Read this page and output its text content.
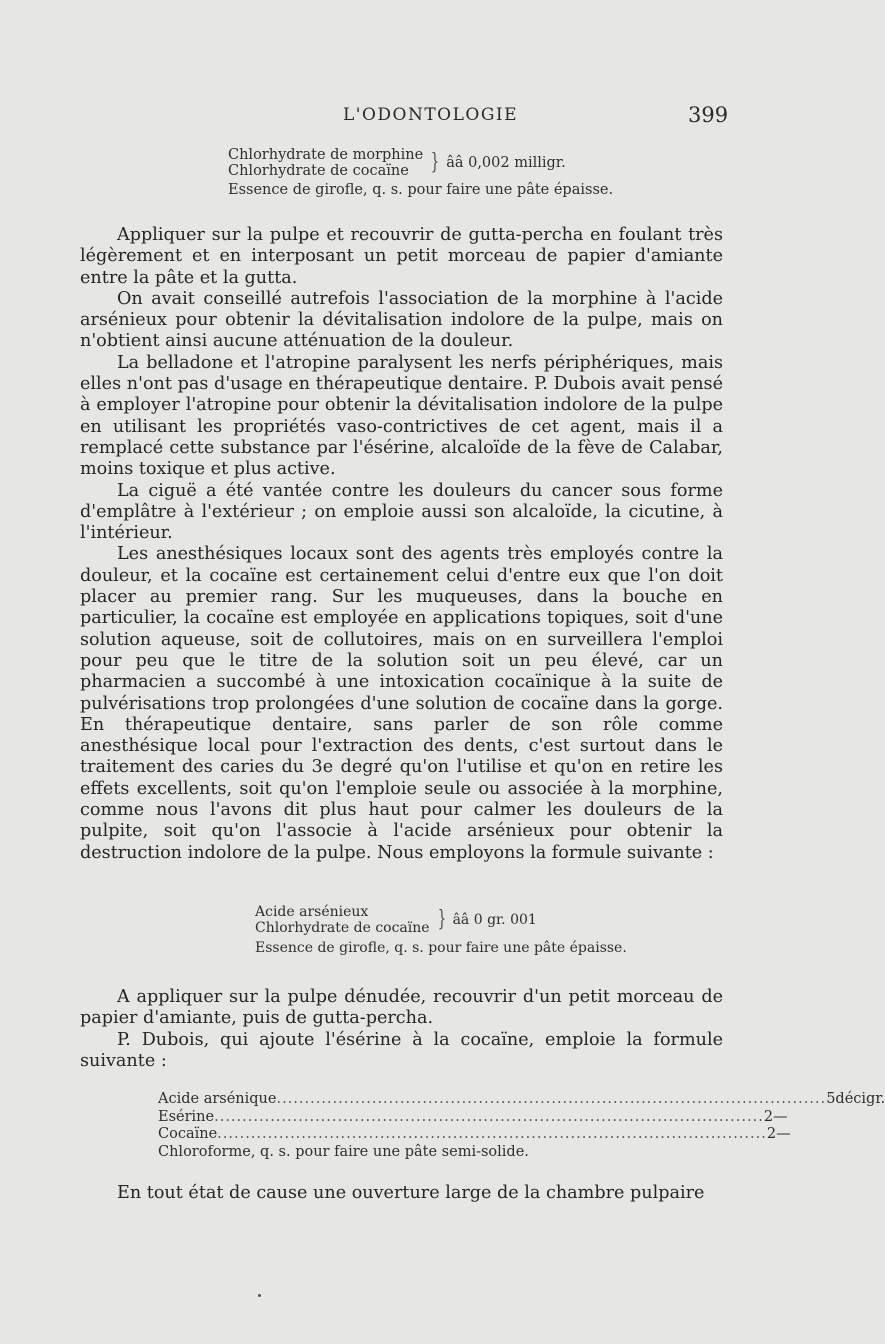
L'ODONTOLOGIE	399
Chlorhydrate de morphine
Chlorhydrate de cocaïne	} ââ 0,002 milligr.
Essence de girofle, q. s. pour faire une pâte épaisse.

Appliquer sur la pulpe et recouvrir de gutta-percha en foulant très légèrement et en interposant un petit morceau de papier d'amiante entre la pâte et la gutta.

On avait conseillé autrefois l'association de la morphine à l'acide arsénieux pour obtenir la dévitalisation indolore de la pulpe, mais on n'obtient ainsi aucune atténuation de la douleur.

La belladone et l'atropine paralysent les nerfs périphériques, mais elles n'ont pas d'usage en thérapeutique dentaire. P. Dubois avait pensé à employer l'atropine pour obtenir la dévitalisation indolore de la pulpe en utilisant les propriétés vaso-contrictives de cet agent, mais il a remplacé cette substance par l'ésérine, alcaloïde de la fève de Calabar, moins toxique et plus active.

La ciguë a été vantée contre les douleurs du cancer sous forme d'emplâtre à l'extérieur ; on emploie aussi son alcaloïde, la cicutine, à l'intérieur.

Les anesthésiques locaux sont des agents très employés contre la douleur, et la cocaïne est certainement celui d'entre eux que l'on doit placer au premier rang. Sur les muqueuses, dans la bouche en particulier, la cocaïne est employée en applications topiques, soit d'une solution aqueuse, soit de collutoires, mais on en surveillera l'emploi pour peu que le titre de la solution soit un peu élevé, car un pharmacien a succombé à une intoxication cocaïnique à la suite de pulvérisations trop prolongées d'une solution de cocaïne dans la gorge. En thérapeutique dentaire, sans parler de son rôle comme anesthésique local pour l'extraction des dents, c'est surtout dans le traitement des caries du 3e degré qu'on l'utilise et qu'on en retire les effets excellents, soit qu'on l'emploie seule ou associée à la morphine, comme nous l'avons dit plus haut pour calmer les douleurs de la pulpite, soit qu'on l'associe à l'acide arsénieux pour obtenir la destruction indolore de la pulpe. Nous employons la formule suivante :

Acide arsénieux
Chlorhydrate de cocaïne } ââ 0 gr. 001
Essence de girofle, q. s. pour faire une pâte épaisse.

A appliquer sur la pulpe dénudée, recouvrir d'un petit morceau de papier d'amiante, puis de gutta-percha.

P. Dubois, qui ajoute l'ésérine à la cocaïne, emploie la formule suivante :

Acide arsénique .................................................................................................. 5 décigr.
Esérine .................................................................................................. 2 —
Cocaïne .................................................................................................. 2 —
Chloroforme, q. s. pour faire une pâte semi-solide.
En tout état de cause une ouverture large de la chambre pulpaire
